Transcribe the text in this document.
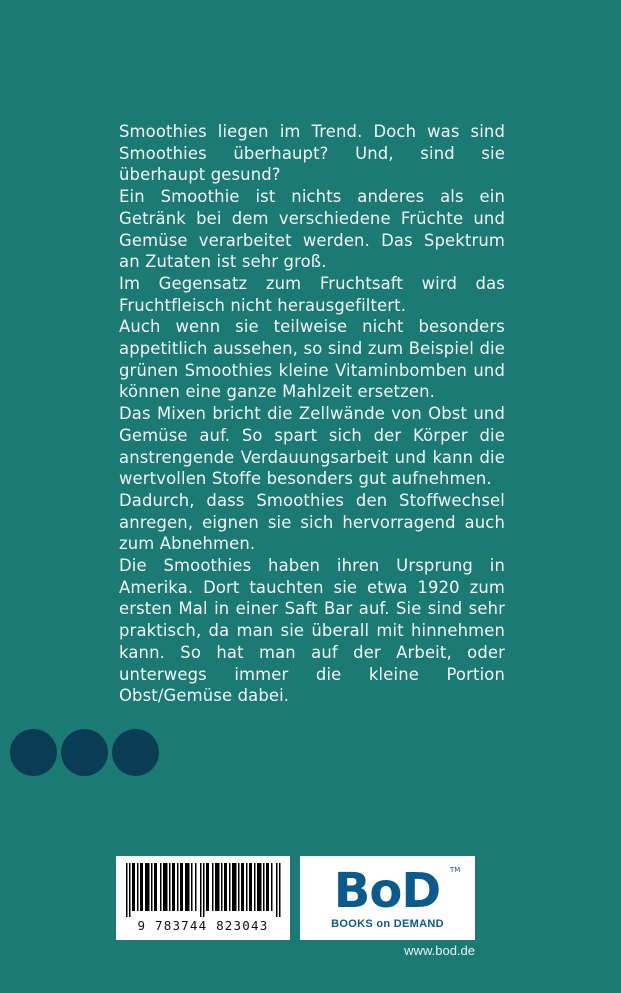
Smoothies liegen im Trend. Doch was sind Smoothies überhaupt? Und, sind sie überhaupt gesund?

Ein Smoothie ist nichts anderes als ein Getränk bei dem verschiedene Früchte und Gemüse verarbeitet werden. Das Spektrum an Zutaten ist sehr groß.

Im Gegensatz zum Fruchtsaft wird das Fruchtfleisch nicht herausgefiltert.

Auch wenn sie teilweise nicht besonders appetitlich aussehen, so sind zum Beispiel die grünen Smoothies kleine Vitaminbomben und können eine ganze Mahlzeit ersetzen.

Das Mixen bricht die Zellwände von Obst und Gemüse auf. So spart sich der Körper die anstrengende Verdauungsarbeit und kann die wertvollen Stoffe besonders gut aufnehmen.

Dadurch, dass Smoothies den Stoffwechsel anregen, eignen sie sich hervorragend auch zum Abnehmen.

Die Smoothies haben ihren Ursprung in Amerika. Dort tauchten sie etwa 1920 zum ersten Mal in einer Saft Bar auf. Sie sind sehr praktisch, da man sie überall mit hinnehmen kann. So hat man auf der Arbeit, oder unterwegs immer die kleine Portion Obst/Gemüse dabei.

9 783744 823043
BoD	TM
BOOKS on DEMAND
www.bod.de
